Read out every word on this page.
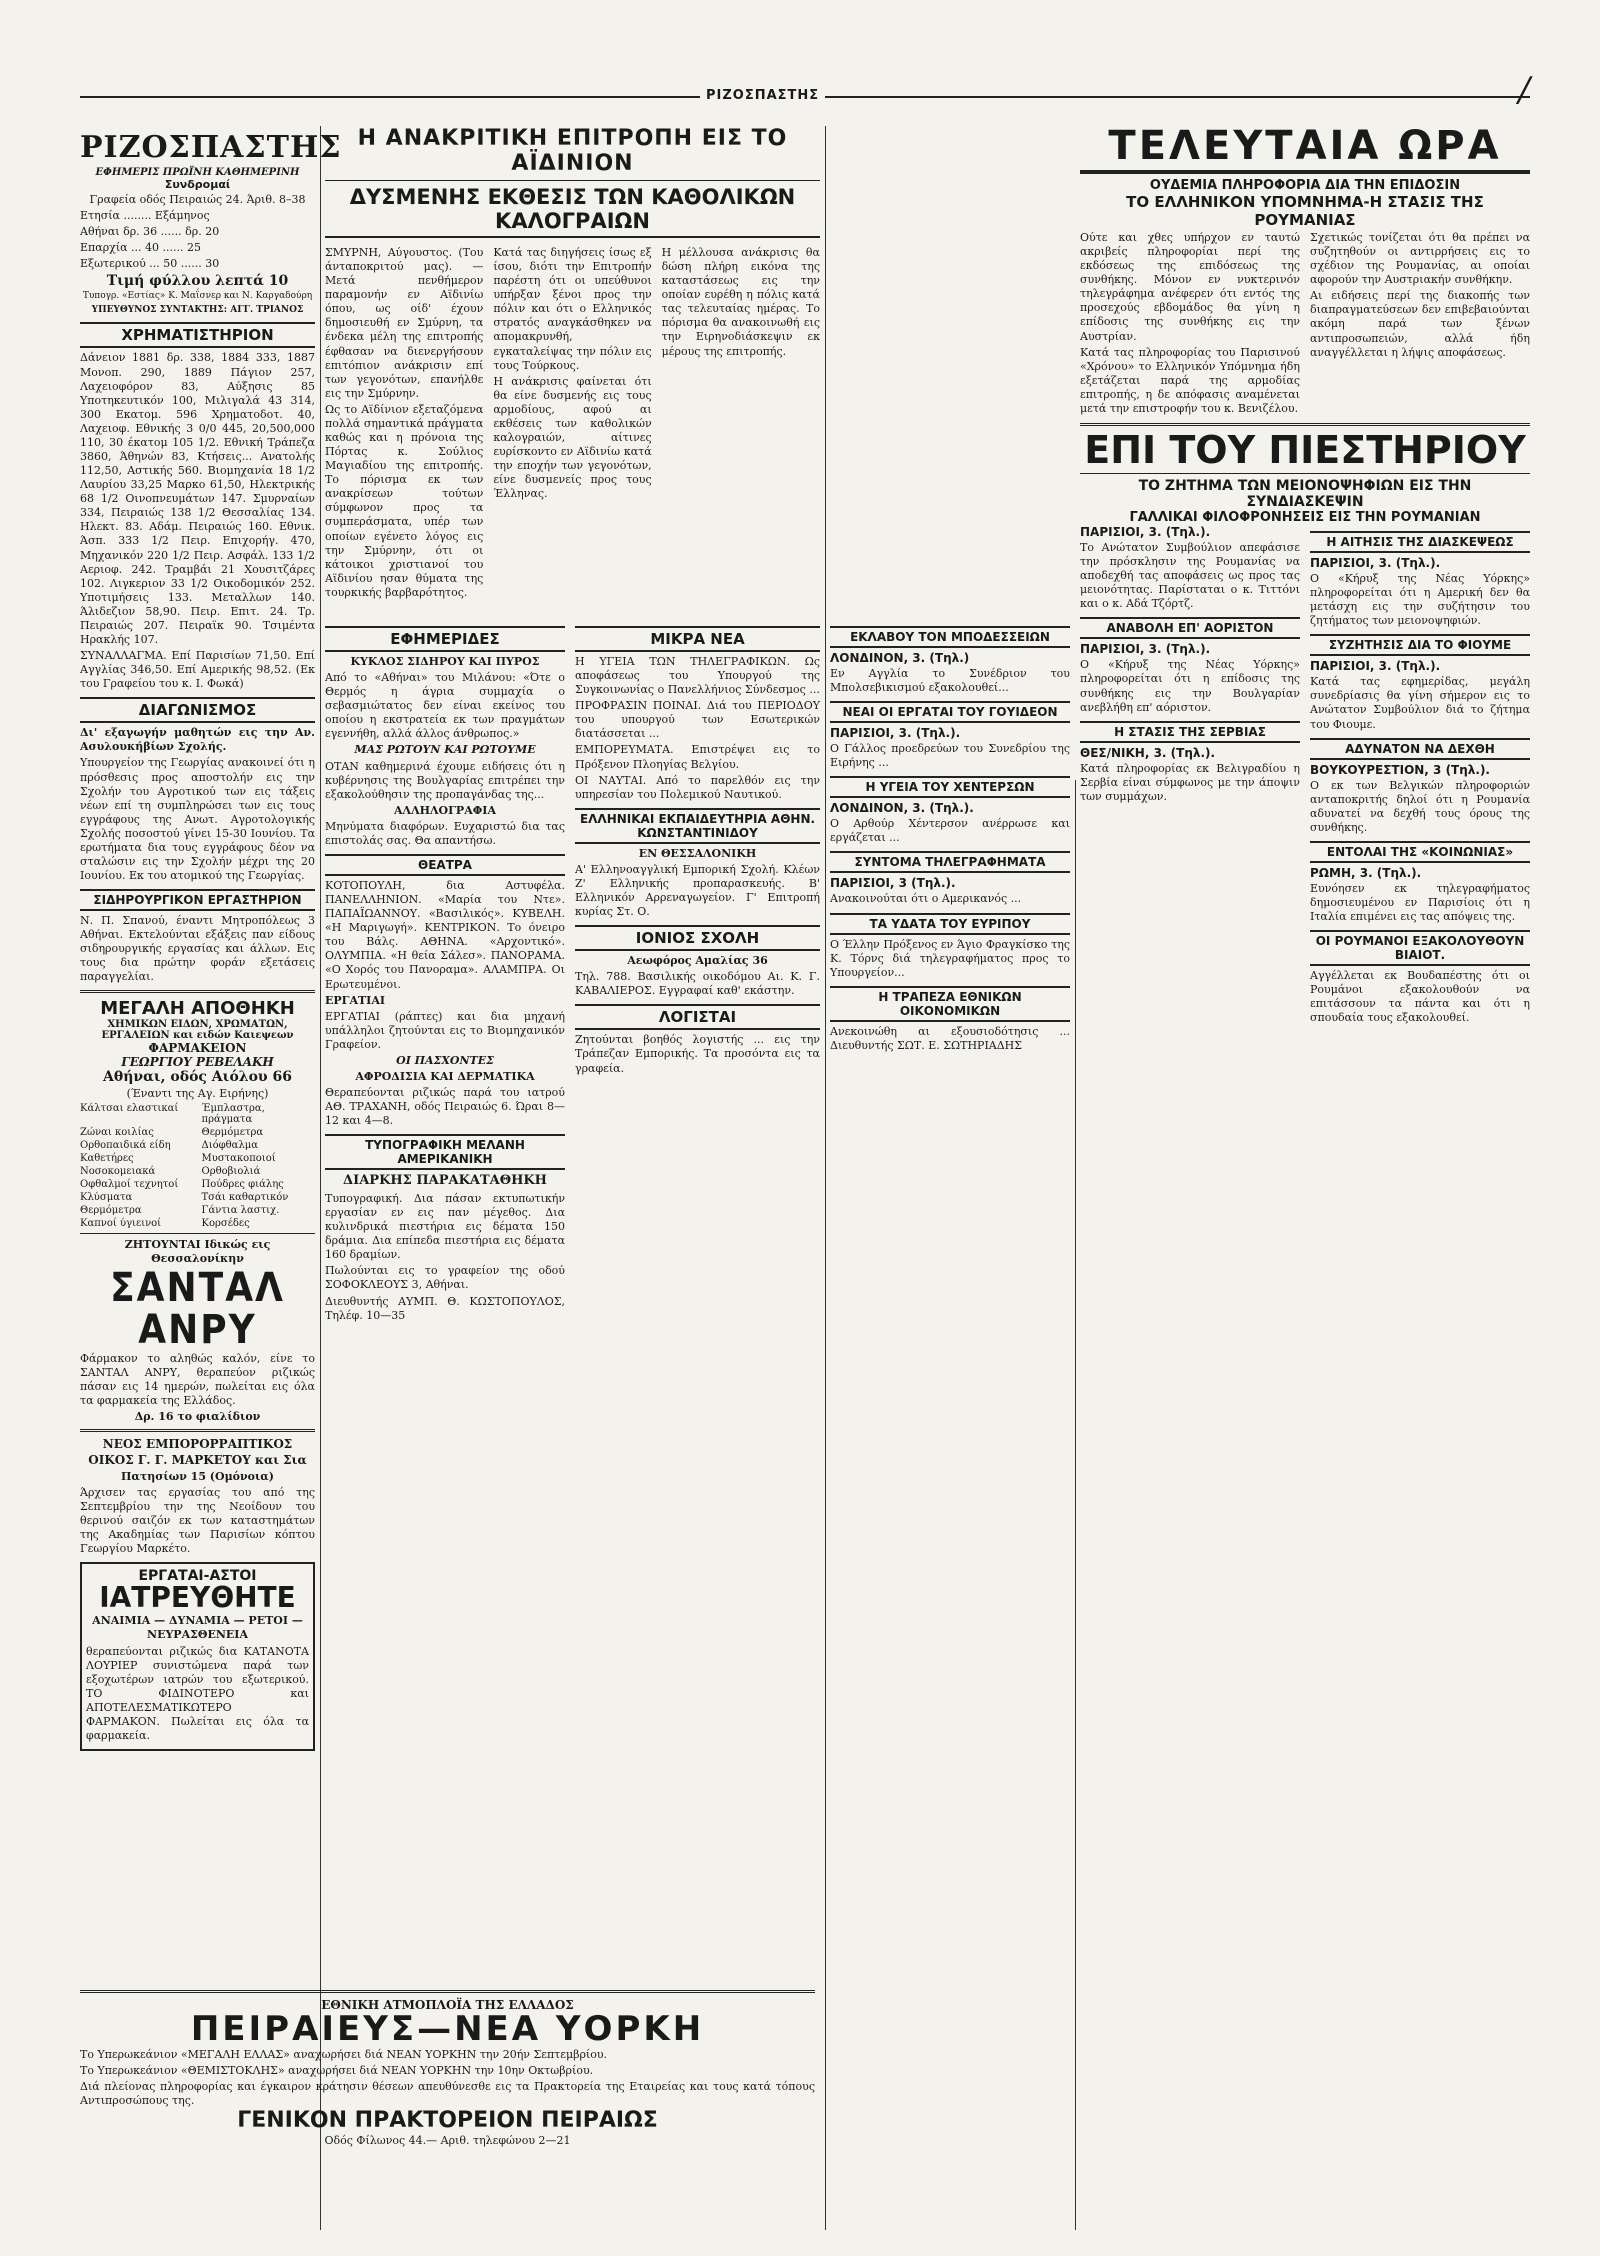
ΡΙΖΟΣΠΑΣΤΗΣ	/
ΡΙΖΟΣΠΑΣΤΗΣ
ΕΦΗΜΕΡΙΣ ΠΡΩΪΝΗ ΚΑΘΗΜΕΡΙΝΗ
Συνδρομαί
Γραφεία οδός Πειραιώς 24. Άριθ. 8–38
Ετησία ........ Εξάμηνος
Αθήναι δρ. 36 ...... δρ. 20
Επαρχία ... 40 ...... 25
Εξωτερικού ... 50 ...... 30
Τιμή φύλλου λεπτά 10
Τυπογρ. «Εστίας» Κ. Μαΐσνερ και Ν. Καργαδούρη
ΥΠΕΥΘΥΝΟΣ ΣΥΝΤΑΚΤΗΣ: ΑΓΓ. ΤΡΙΑΝΟΣ
ΧΡΗΜΑΤΙΣΤΗΡΙΟΝ
Δάνειον 1881 δρ. 338, 1884 333, 1887 Μονοπ. 290, 1889 Πάγιον 257, Λαχειοφόρον 83, Αύξησις 85 Υποτηκευτικόν 100, Μιλιγαλά 43 314, 300 Εκατομ. 596 Χρηματοδοτ. 40, Λαχειοφ. Εθνικής 3 0/0 445, 20,500,000 110, 30 έκατομ 105 1/2. Εθνική Τράπεζα 3860, Άθηνών 83, Κτήσεις... Ανατολής 112,50, Αστικής 560. Βιομηχανία 18 1/2 Λαυρίου 33,25 Μαρκο 61,50, Ηλεκτρικής 68 1/2 Οινοπνευμάτων 147. Σμυρναίων 334, Πειραιώς 138 1/2 Θεσσαλίας 134. Ηλεκτ. 83. Αδάμ. Πειραιώς 160. Εθνικ. Άσπ. 333 1/2 Πειρ. Επιχορήγ. 470, Μηχανικόν 220 1/2 Πειρ. Ασφάλ. 133 1/2 Αεριοφ. 242. Τραμβάι 21 Χουσιτζάρες 102. Λιγκεριον 33 1/2 Οικοδομικόν 252. Υποτιμήσεις 133. Μεταλλων 140. Άλιδεζιον 58,90. Πειρ. Επιτ. 24. Τρ. Πειραιώς 207. Πειραϊκ 90. Τσιμέντα Ηρακλής 107.
ΣΥΝΑΛΛΑΓΜΑ. Επί Παρισίων 71,50. Επί Αγγλίας 346,50. Επί Αμερικής 98,52. (Εκ του Γραφείου του κ. Ι. Φωκά)
ΔΙΑΓΩΝΙΣΜΟΣ
Δι' εξαγωγήν μαθητών εις την Αν. Ασυλουκήβίων Σχολής.
Υπουργείον της Γεωργίας ανακοινεί ότι η πρόσθεσις προς αποστολήν εις την Σχολήν του Αγροτικού των εις τάξεις νέων επί τη συμπληρώσει των εις τους εγγράφους της Ανωτ. Αγροτολογικής Σχολής ποσοστού γίνει 15-30 Ιουνίου. Τα ερωτήματα δια τους εγγράφους δέον να σταλώσιν εις την Σχολήν μέχρι της 20 Ιουνίου. Εκ του ατομικού της Γεωργίας.
ΣΙΔΗΡΟΥΡΓΙΚΟΝ ΕΡΓΑΣΤΗΡΙΟΝ
Ν. Π. Σπανού, έναντι Μητροπόλεως 3 Αθήναι. Εκτελούνται εξάξεις παν είδους σιδηρουργικής εργασίας και άλλων. Εις τους δια πρώτην φοράν εξετάσεις παραγγελίαι.
ΜΕΓΑΛΗ ΑΠΟΘΗΚΗ
ΧΗΜΙΚΩΝ ΕΙΔΩΝ, ΧΡΩΜΑΤΩΝ, ΕΡΓΑΛΕΙΩΝ και ειδών Καιεψεων
ΦΑΡΜΑΚΕΙΟΝ
ΓΕΩΡΓΙΟΥ ΡΕΒΕΛΑΚΗ
Αθήναι, οδός Αιόλου 66
(Έναντι της Αγ. Ειρήνης)
Κάλτσαι ελαστικαί	Έμπλαστρα, πράγματα
Ζώναι κοιλίας	Θερμόμετρα
Ορθοπαιδικά είδη	Διόφθαλμα
Καθετήρες	Μυστακοποιοί
Νοσοκομειακά	Ορθοβιολιά
Οφθαλμοί τεχνητοί	Πούδρες φιάλης
Κλύσματα	Τσάι καθαρτικόν
Θερμόμετρα	Γάντια λαστιχ.
Καπνοί ύγιεινοί	Κορσέδες
ΖΗΤΟΥΝΤΑΙ Ιδικώς εις Θεσσαλονίκην
ΣΑΝΤΑΛ
ΑΝΡΥ
Φάρμακον το αληθώς καλόν, είνε το ΣΑΝΤΑΛ ΑΝΡΥ, θεραπεύον ριζικώς πάσαν εις 14 ημερών, πωλείται εις όλα τα φαρμακεία της Ελλάδος.
Δρ. 16 το φιαλίδιον
ΝΕΟΣ ΕΜΠΟΡΟΡΡΑΠΤΙΚΟΣ ΟΙΚΟΣ Γ. Γ. ΜΑΡΚΕΤΟΥ και Σια
Πατησίων 15 (Ομόνοια)
Άρχισεν τας εργασίας του από της Σεπτεμβρίου την της Νεοίδουν του θερινού σαιζόν εκ των καταστημάτων της Ακαδημίας των Παρισίων κόπτου Γεωργίου Μαρκέτο.
ΕΡΓΑΤΑΙ-ΑΣΤΟΙ
ΙΑΤΡΕΥΘΗΤΕ
ΑΝΑΙΜΙΑ — ΔΥΝΑΜΙΑ — ΡΕΤΟΙ — ΝΕΥΡΑΣΘΕΝΕΙΑ
θεραπεύονται ριζικώς δια ΚΑΤΑΝΟΤΑ ΛΟΥΡΙΕΡ συνιστώμενα παρά των εξοχωτέρων ιατρών του εξωτερικού. ΤΟ ΦΙΔΙΝΟΤΕΡΟ και ΑΠΟΤΕΛΕΣΜΑΤΙΚΩΤΕΡΟ ΦΑΡΜΑΚΟΝ. Πωλείται εις όλα τα φαρμακεία.
Η ΑΝΑΚΡΙΤΙΚΗ ΕΠΙΤΡΟΠΗ ΕΙΣ ΤΟ ΑΪΔΙΝΙΟΝ
ΔΥΣΜΕΝΗΣ ΕΚΘΕΣΙΣ ΤΩΝ ΚΑΘΟΛΙΚΩΝ ΚΑΛΟΓΡΑΙΩΝ
ΣΜΥΡΝΗ, Αύγουστος. (Του άνταποκριτού μας). — Μετά πενθήμερον παραμονήν εν Αϊδινίω όπου, ως οίδ' έχουν δημοσιευθή εν Σμύρνη, τα ένδεκα μέλη της επιτροπής έφθασαν να διενεργήσουν επιτόπιον ανάκρισιν επί των γεγονότων, επανήλθε εις την Σμύρνην.
Ως το Αϊδίνιον εξεταζόμενα πολλά σημαντικά πράγματα καθώς και η πρόνοια της Πόρτας κ. Σούλιος Μαγιαδίου της επιτροπής. Το πόρισμα εκ των ανακρίσεων τούτων σύμφωνον προς τα συμπεράσματα, υπέρ των οποίων εγένετο λόγος εις την Σμύρνην, ότι οι κάτοικοι χριστιανοί του Αϊδινίου ησαν θύματα της τουρκικής βαρβαρότητος.
Κατά τας διηγήσεις ίσως εξ ίσου, διότι την Επιτροπήν παρέστη ότι οι υπεύθυνοι υπήρξαν ξένοι προς την πόλιν και ότι ο Ελληνικός στρατός αναγκάσθηκεν να απομακρυνθή, εγκαταλείψας την πόλιν εις τους Τούρκους.
Η ανάκρισις φαίνεται ότι θα είνε δυσμενής εις τους αρμοδίους, αφού αι εκθέσεις των καθολικών καλογραιών, αίτινες ευρίσκοντο εν Αϊδινίω κατά την εποχήν των γεγονότων, είνε δυσμενείς προς τους Έλληνας.
Η μέλλουσα ανάκρισις θα δώση πλήρη εικόνα της καταστάσεως εις την οποίαν ευρέθη η πόλις κατά τας τελευταίας ημέρας. Το πόρισμα θα ανακοινωθή εις την Ειρηνοδιάσκεψιν εκ μέρους της επιτροπής.
ΕΦΗΜΕΡΙΔΕΣ
ΚΥΚΛΟΣ ΣΙΔΗΡΟΥ ΚΑΙ ΠΥΡΟΣ
Από το «Αθήναι» του Μιλάνου: «Ότε ο Θερμός η άγρια συμμαχία ο σεβασμιώτατος δεν είναι εκείνος του οποίου η εκστρατεία εκ των πραγμάτων εγεννήθη, αλλά άλλος άνθρωπος.»
ΜΑΣ ΡΩΤΟΥΝ ΚΑΙ ΡΩΤΟΥΜΕ
ΟΤΑΝ καθημερινά έχουμε ειδήσεις ότι η κυβέρνησις της Βουλγαρίας επιτρέπει την εξακολούθησιν της προπαγάνδας της...
ΑΛΛΗΛΟΓΡΑΦΙΑ
Μηνύματα διαφόρων. Ευχαριστώ δια τας επιστολάς σας. Θα απαντήσω.
ΘΕΑΤΡΑ
ΚΟΤΟΠΟΥΛΗ, δια Αστυφέλα. ΠΑΝΕΛΛΗΝΙΟΝ. «Μαρία του Ντε». ΠΑΠΑΪΩΑΝΝΟΥ. «Βασιλικός». ΚΥΒΕΛΗ. «Η Μαριγωγή». ΚΕΝΤΡΙΚΟΝ. Το όνειρο του Βάλς. ΑΘΗΝΑ. «Αρχοντικό». ΟΛΥΜΠΙΑ. «Η θεία Σάλεσ». ΠΑΝΟΡΑΜΑ. «Ο Χορός του Πανοραμα». ΑΛΑΜΠΡΑ. Οι Ερωτευμένοι.
ΕΡΓΑΤΙΑΙ
ΕΡΓΑΤΙΑΙ (ράπτες) και δια μηχανή υπάλληλοι ζητούνται εις το Βιομηχανικόν Γραφείον.
ΟΙ ΠΑΣΧΟΝΤΕΣ
ΑΦΡΟΔΙΣΙΑ ΚΑΙ ΔΕΡΜΑΤΙΚΑ
Θεραπεύονται ριζικώς παρά του ιατρού ΑΘ. ΤΡΑΧΑΝΗ, οδός Πειραιώς 6. Ώραι 8—12 και 4—8.
ΤΥΠΟΓΡΑΦΙΚΗ ΜΕΛΑΝΗ ΑΜΕΡΙΚΑΝΙΚΗ
ΔΙΑΡΚΗΣ ΠΑΡΑΚΑΤΑΘΗΚΗ
Τυπογραφική. Δια πάσαν εκτυπωτικήν εργασίαν εν εις παν μέγεθος. Δια κυλινδρικά πιεστήρια εις δέματα 150 δράμια. Δια επίπεδα πιεστήρια εις δέματα 160 δραμίων.
Πωλούνται εις το γραφείον της οδού ΣΟΦΟΚΛΕΟΥΣ 3, Αθήναι.
Διευθυντής ΑΥΜΠ. Θ. ΚΩΣΤΟΠΟΥΛΟΣ, Τηλέφ. 10—35
ΜΙΚΡΑ ΝΕΑ
Η ΥΓΕΙΑ ΤΩΝ ΤΗΛΕΓΡΑΦΙΚΩΝ. Ως αποφάσεως του Υπουργού της Συγκοινωνίας ο Πανελλήνιος Σύνδεσμος ...
ΠΡΟΦΡΑΣΙΝ ΠΟΙΝΑΙ. Διά του ΠΕΡΙΟΔΟΥ του υπουργού των Εσωτερικών διατάσσεται ...
ΕΜΠΟΡΕΥΜΑΤΑ. Επιστρέψει εις το Πρόξενον Πλοηγίας Βελγίου.
ΟΙ ΝΑΥΤΑΙ. Από το παρελθόν εις την υπηρεσίαν του Πολεμικού Ναυτικού.
ΕΛΛΗΝΙΚΑΙ ΕΚΠΑΙΔΕΥΤΗΡΙΑ ΑΘΗΝ. ΚΩΝΣΤΑΝΤΙΝΙΔΟΥ
ΕΝ ΘΕΣΣΑΛΟΝΙΚΗ
Α' Ελληνοαγγλική Εμπορική Σχολή. Κλέων Ζ' Ελληνικής προπαρασκευής. Β' Ελληνικόν Αρρεναγωγείον. Γ' Επιτροπή κυρίας Στ. Ο.
ΙΟΝΙΟΣ ΣΧΟΛΗ
Αεωφόρος Αμαλίας 36
Τηλ. 788. Βασιλικής οικοδόμου Αι. Κ. Γ. ΚΑΒΑΛΙΕΡΟΣ. Εγγραφαί καθ' εκάστην.
ΛΟΓΙΣΤΑΙ
Ζητούνται βοηθός λογιστής ... εις την Τράπεζαν Εμπορικής. Τα προσόντα εις τα γραφεία.
ΕΚΛΑΒΟΥ ΤΟΝ ΜΠΟΔΕΣΣΕΙΩΝ
ΛΟΝΔΙΝΟΝ, 3. (Τηλ.)
Εν Αγγλία το Συνέδριον του Μπολσεβικισμού εξακολουθεί...
ΝΕΑΙ ΟΙ ΕΡΓΑΤΑΙ ΤΟΥ ΓΟΥΙΔΕΟΝ
ΠΑΡΙΣΙΟΙ, 3. (Τηλ.).
Ο Γάλλος προεδρεύων του Συνεδρίου της Ειρήνης ...
Η ΥΓΕΙΑ ΤΟΥ ΧΕΝΤΕΡΣΩΝ
ΛΟΝΔΙΝΟΝ, 3. (Τηλ.).
Ο Αρθούρ Χέντερσον ανέρρωσε και εργάζεται ...
ΣΥΝΤΟΜΑ ΤΗΛΕΓΡΑΦΗΜΑΤΑ
ΠΑΡΙΣΙΟΙ, 3 (Τηλ.).
Ανακοινούται ότι ο Αμερικανός ...
ΤΑ ΥΔΑΤΑ ΤΟΥ ΕΥΡΙΠΟΥ
Ο Έλλην Πρόξενος εν Άγιο Φραγκίσκο της Κ. Τόρνς διά τηλεγραφήματος προς το Υπουργείον...
Η ΤΡΑΠΕΖΑ ΕΘΝΙΚΩΝ ΟΙΚΟΝΟΜΙΚΩΝ
Ανεκοινώθη αι εξουσιοδότησις ... Διευθυντής ΣΩΤ. Ε. ΣΩΤΗΡΙΑΔΗΣ
ΤΕΛΕΥΤΑΙΑ ΩΡΑ
ΟΥΔΕΜΙΑ ΠΛΗΡΟΦΟΡΙΑ ΔΙΑ ΤΗΝ ΕΠΙΔΟΣΙΝ
ΤΟ ΕΛΛΗΝΙΚΟΝ ΥΠΟΜΝΗΜΑ-Η ΣΤΑΣΙΣ ΤΗΣ ΡΟΥΜΑΝΙΑΣ
Ούτε και χθες υπήρχον εν ταυτώ ακριβείς πληροφορίαι περί της εκδόσεως της επιδόσεως της συνθήκης. Μόνον εν νυκτερινόν τηλεγράφημα ανέφερεν ότι εντός της προσεχούς εβδομάδος θα γίνη η επίδοσις της συνθήκης εις την Αυστρίαν.
Κατά τας πληροφορίας του Παρισινού «Χρόνου» το Ελληνικόν Υπόμνημα ήδη εξετάζεται παρά της αρμοδίας επιτροπής, η δε απόφασις αναμένεται μετά την επιστροφήν του κ. Βενιζέλου.
Σχετικώς τονίζεται ότι θα πρέπει να συζητηθούν οι αντιρρήσεις εις το σχέδιον της Ρουμανίας, αι οποίαι αφορούν την Αυστριακήν συνθήκην.
Αι ειδήσεις περί της διακοπής των διαπραγματεύσεων δεν επιβεβαιούνται ακόμη παρά των ξένων αντιπροσωπειών, αλλά ήδη αναγγέλλεται η λήψις αποφάσεως.
ΕΠΙ ΤΟΥ ΠΙΕΣΤΗΡΙΟΥ
ΤΟ ΖΗΤΗΜΑ ΤΩΝ ΜΕΙΟΝΟΨΗΦΙΩΝ ΕΙΣ ΤΗΝ ΣΥΝΔΙΑΣΚΕΨΙΝ
ΓΑΛΛΙΚΑΙ ΦΙΛΟΦΡΟΝΗΣΕΙΣ ΕΙΣ ΤΗΝ ΡΟΥΜΑΝΙΑΝ
ΠΑΡΙΣΙΟΙ, 3. (Τηλ.).
Το Ανώτατον Συμβούλιον απεφάσισε την πρόσκλησιν της Ρουμανίας να αποδεχθή τας αποφάσεις ως προς τας μειονότητας. Παρίσταται ο κ. Τιττόνι και ο κ. Αδά Τζόρτζ.
ΑΝΑΒΟΛΗ ΕΠ' ΑΟΡΙΣΤΟΝ
ΠΑΡΙΣΙΟΙ, 3. (Τηλ.).
Ο «Κήρυξ της Νέας Υόρκης» πληροφορείται ότι η επίδοσις της συνθήκης εις την Βουλγαρίαν ανεβλήθη επ' αόριστον.
Η ΣΤΑΣΙΣ ΤΗΣ ΣΕΡΒΙΑΣ
ΘΕΣ/ΝΙΚΗ, 3. (Τηλ.).
Κατά πληροφορίας εκ Βελιγραδίου η Σερβία είναι σύμφωνος με την άποψιν των συμμάχων.
Η ΑΙΤΗΣΙΣ ΤΗΣ ΔΙΑΣΚΕΨΕΩΣ
ΠΑΡΙΣΙΟΙ, 3. (Τηλ.).
Ο «Κήρυξ της Νέας Υόρκης» πληροφορείται ότι η Αμερική δεν θα μετάσχη εις την συζήτησιν του ζητήματος των μειονοψηφιών.
ΣΥΖΗΤΗΣΙΣ ΔΙΑ ΤΟ ΦΙΟΥΜΕ
ΠΑΡΙΣΙΟΙ, 3. (Τηλ.).
Κατά τας εφημερίδας, μεγάλη συνεδρίασις θα γίνη σήμερον εις το Ανώτατον Συμβούλιον διά το ζήτημα του Φιουμε.
ΑΔΥΝΑΤΟΝ ΝΑ ΔΕΧΘΗ
ΒΟΥΚΟΥΡΕΣΤΙΟΝ, 3 (Τηλ.).
Ο εκ των Βελγικών πληροφοριών ανταποκριτής δηλοί ότι η Ρουμανία αδυνατεί να δεχθή τους όρους της συνθήκης.
ΕΝΤΟΛΑΙ ΤΗΣ «ΚΟΙΝΩΝΙΑΣ»
ΡΩΜΗ, 3. (Τηλ.).
Ευνόησεν εκ τηλεγραφήματος δημοσιευμένου εν Παρισίοις ότι η Ιταλία επιμένει εις τας απόψεις της.
ΟΙ ΡΟΥΜΑΝΟΙ ΕΞΑΚΟΛΟΥΘΟΥΝ ΒΙΑΙΟΤ.
Αγγέλλεται εκ Βουδαπέστης ότι οι Ρουμάνοι εξακολουθούν να επιτάσσουν τα πάντα και ότι η σπουδαία τους εξακολουθεί.
ΕΘΝΙΚΗ ΑΤΜΟΠΛΟΪΑ ΤΗΣ ΕΛΛΑΔΟΣ
ΠΕΙΡΑΙΕΥΣ—ΝΕΑ ΥΟΡΚΗ
Το Υπερωκεάνιον «ΜΕΓΑΛΗ ΕΛΛΑΣ» αναχωρήσει διά ΝΕΑΝ ΥΟΡΚΗΝ την 20ήν Σεπτεμβρίου.
Το Υπερωκεάνιον «ΘΕΜΙΣΤΟΚΛΗΣ» αναχωρήσει διά ΝΕΑΝ ΥΟΡΚΗΝ την 10ην Οκτωβρίου.
Διά πλείονας πληροφορίας και έγκαιρον κράτησιν θέσεων απευθύνεσθε εις τα Πρακτορεία της Εταιρείας και τους κατά τόπους Αντιπροσώπους της.
ΓΕΝΙΚΟΝ ΠΡΑΚΤΟΡΕΙΟΝ ΠΕΙΡΑΙΩΣ
Οδός Φίλωνος 44.— Αριθ. τηλεφώνου 2—21
